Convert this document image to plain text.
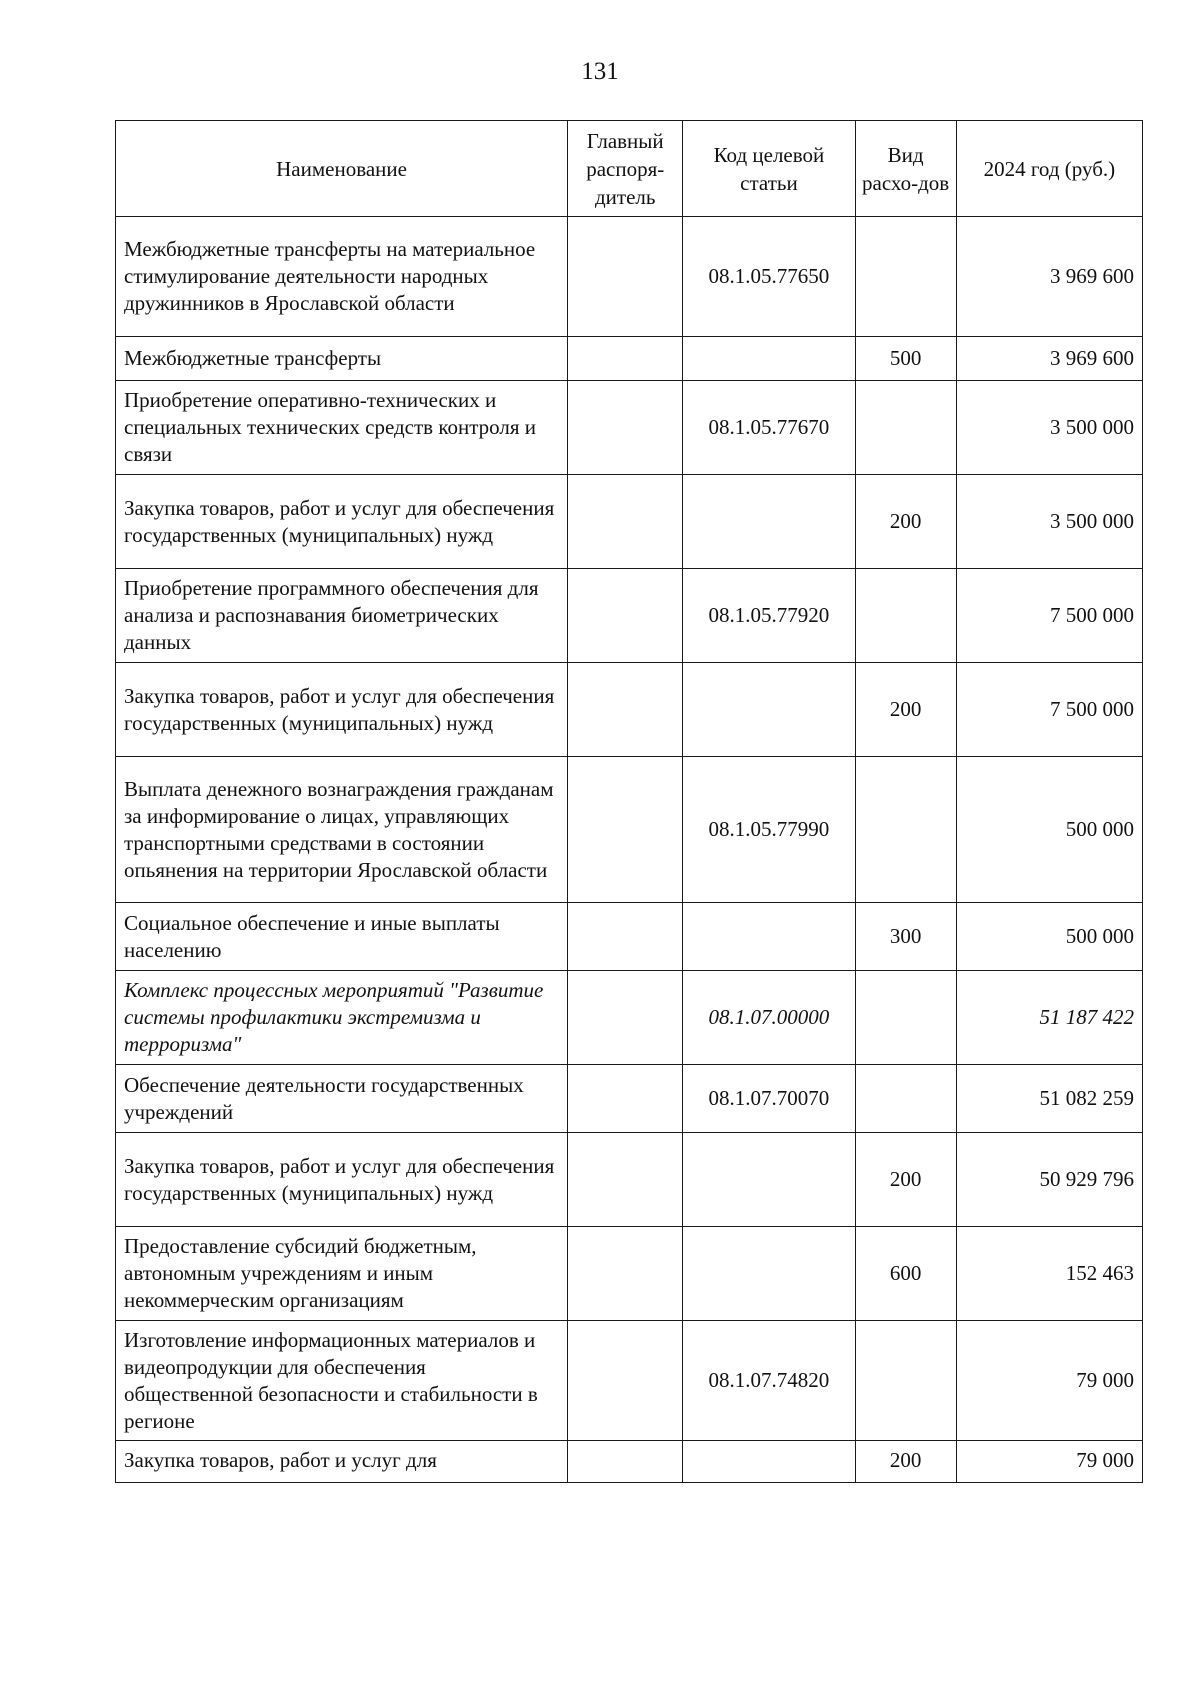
131
Наименование	Главный распоря-дитель	Код целевой статьи	Вид расхо-дов	2024 год (руб.)
Межбюджетные трансферты на материальное стимулирование деятельности народных дружинников в Ярославской области		08.1.05.77650		3 969 600
Межбюджетные трансферты			500	3 969 600
Приобретение оперативно-технических и специальных технических средств контроля и связи		08.1.05.77670		3 500 000
Закупка товаров, работ и услуг для обеспечения государственных (муниципальных) нужд			200	3 500 000
Приобретение программного обеспечения для анализа и распознавания биометрических данных		08.1.05.77920		7 500 000
Закупка товаров, работ и услуг для обеспечения государственных (муниципальных) нужд			200	7 500 000
Выплата денежного вознаграждения гражданам за информирование о лицах, управляющих транспортными средствами в состоянии опьянения на территории Ярославской области		08.1.05.77990		500 000
Социальное обеспечение и иные выплаты населению			300	500 000
Комплекс процессных мероприятий "Развитие системы профилактики экстремизма и терроризма"		08.1.07.00000		51 187 422
Обеспечение деятельности государственных учреждений		08.1.07.70070		51 082 259
Закупка товаров, работ и услуг для обеспечения государственных (муниципальных) нужд			200	50 929 796
Предоставление субсидий бюджетным, автономным учреждениям и иным некоммерческим организациям			600	152 463
Изготовление информационных материалов и видеопродукции для обеспечения общественной безопасности и стабильности в регионе		08.1.07.74820		79 000
Закупка товаров, работ и услуг для			200	79 000
